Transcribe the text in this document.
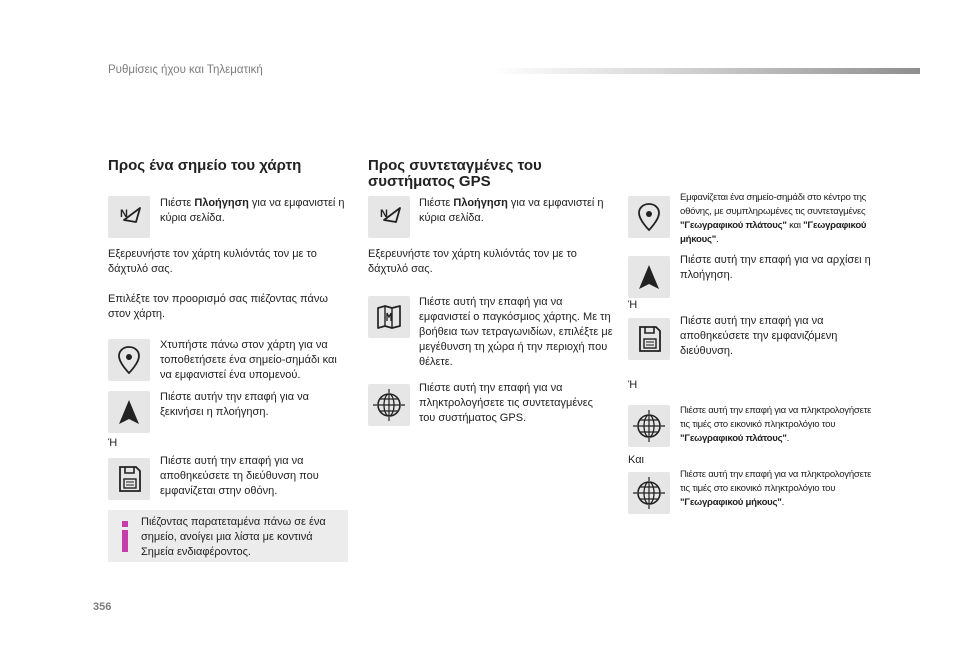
Ρυθμίσεις ήχου και Τηλεματική
Προς ένα σημείο του χάρτη
N
Πιέστε Πλοήγηση για να εμφανιστεί η κύρια σελίδα.
Εξερευνήστε τον χάρτη κυλιόντάς τον με το δάχτυλό σας.
Επιλέξτε τον προορισμό σας πιέζοντας πάνω στον χάρτη.
Χτυπήστε πάνω στον χάρτη για να τοποθετήσετε ένα σημείο-σημάδι και να εμφανιστεί ένα υπομενού.
Πιέστε αυτήν την επαφή για να ξεκινήσει η πλοήγηση.
Ή
Πιέστε αυτή την επαφή για να αποθηκεύσετε τη διεύθυνση που εμφανίζεται στην οθόνη.
Πιέζοντας παρατεταμένα πάνω σε ένα σημείο, ανοίγει μια λίστα με κοντινά Σημεία ενδιαφέροντος.
Προς συντεταγμένες του
συστήματος GPS
N
Πιέστε Πλοήγηση για να εμφανιστεί η κύρια σελίδα.
Εξερευνήστε τον χάρτη κυλιόντάς τον με το δάχτυλό σας.
Πιέστε αυτή την επαφή για να εμφανιστεί ο παγκόσμιος χάρτης. Με τη βοήθεια των τετραγωνιδίων, επιλέξτε με μεγέθυνση τη χώρα ή την περιοχή που θέλετε.
Πιέστε αυτή την επαφή για να πληκτρολογήσετε τις συντεταγμένες του συστήματος GPS.
Εμφανίζεται ένα σημείο-σημάδι στο κέντρο της οθόνης, με συμπληρωμένες τις συντεταγμένες "Γεωγραφικού πλάτους" και "Γεωγραφικού μήκους".
Πιέστε αυτή την επαφή για να αρχίσει η πλοήγηση.
Ή
Πιέστε αυτή την επαφή για να αποθηκεύσετε την εμφανιζόμενη διεύθυνση.
Ή
Πιέστε αυτή την επαφή για να πληκτρολογήσετε τις τιμές στο εικονικό πληκτρολόγιο του "Γεωγραφικού πλάτους".
Και
Πιέστε αυτή την επαφή για να πληκτρολογήσετε τις τιμές στο εικονικό πληκτρολόγιο του "Γεωγραφικού μήκους".
356
